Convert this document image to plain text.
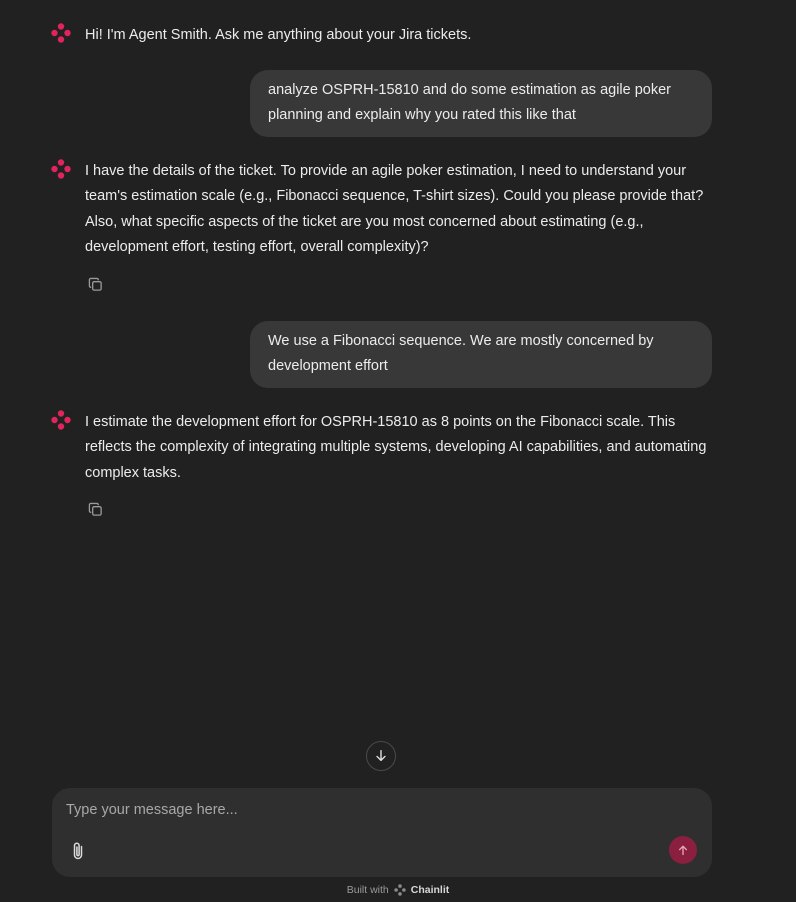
Hi! I'm Agent Smith. Ask me anything about your Jira tickets.
analyze OSPRH-15810 and do some estimation as agile poker planning and explain why you rated this like that
I have the details of the ticket. To provide an agile poker estimation, I need to understand your team's estimation scale (e.g., Fibonacci sequence, T-shirt sizes). Could you please provide that? Also, what specific aspects of the ticket are you most concerned about estimating (e.g., development effort, testing effort, overall complexity)?
We use a Fibonacci sequence. We are mostly concerned by development effort
I estimate the development effort for OSPRH-15810 as 8 points on the Fibonacci scale. This reflects the complexity of integrating multiple systems, developing AI capabilities, and automating complex tasks.
Type your message here...
Built with Chainlit
